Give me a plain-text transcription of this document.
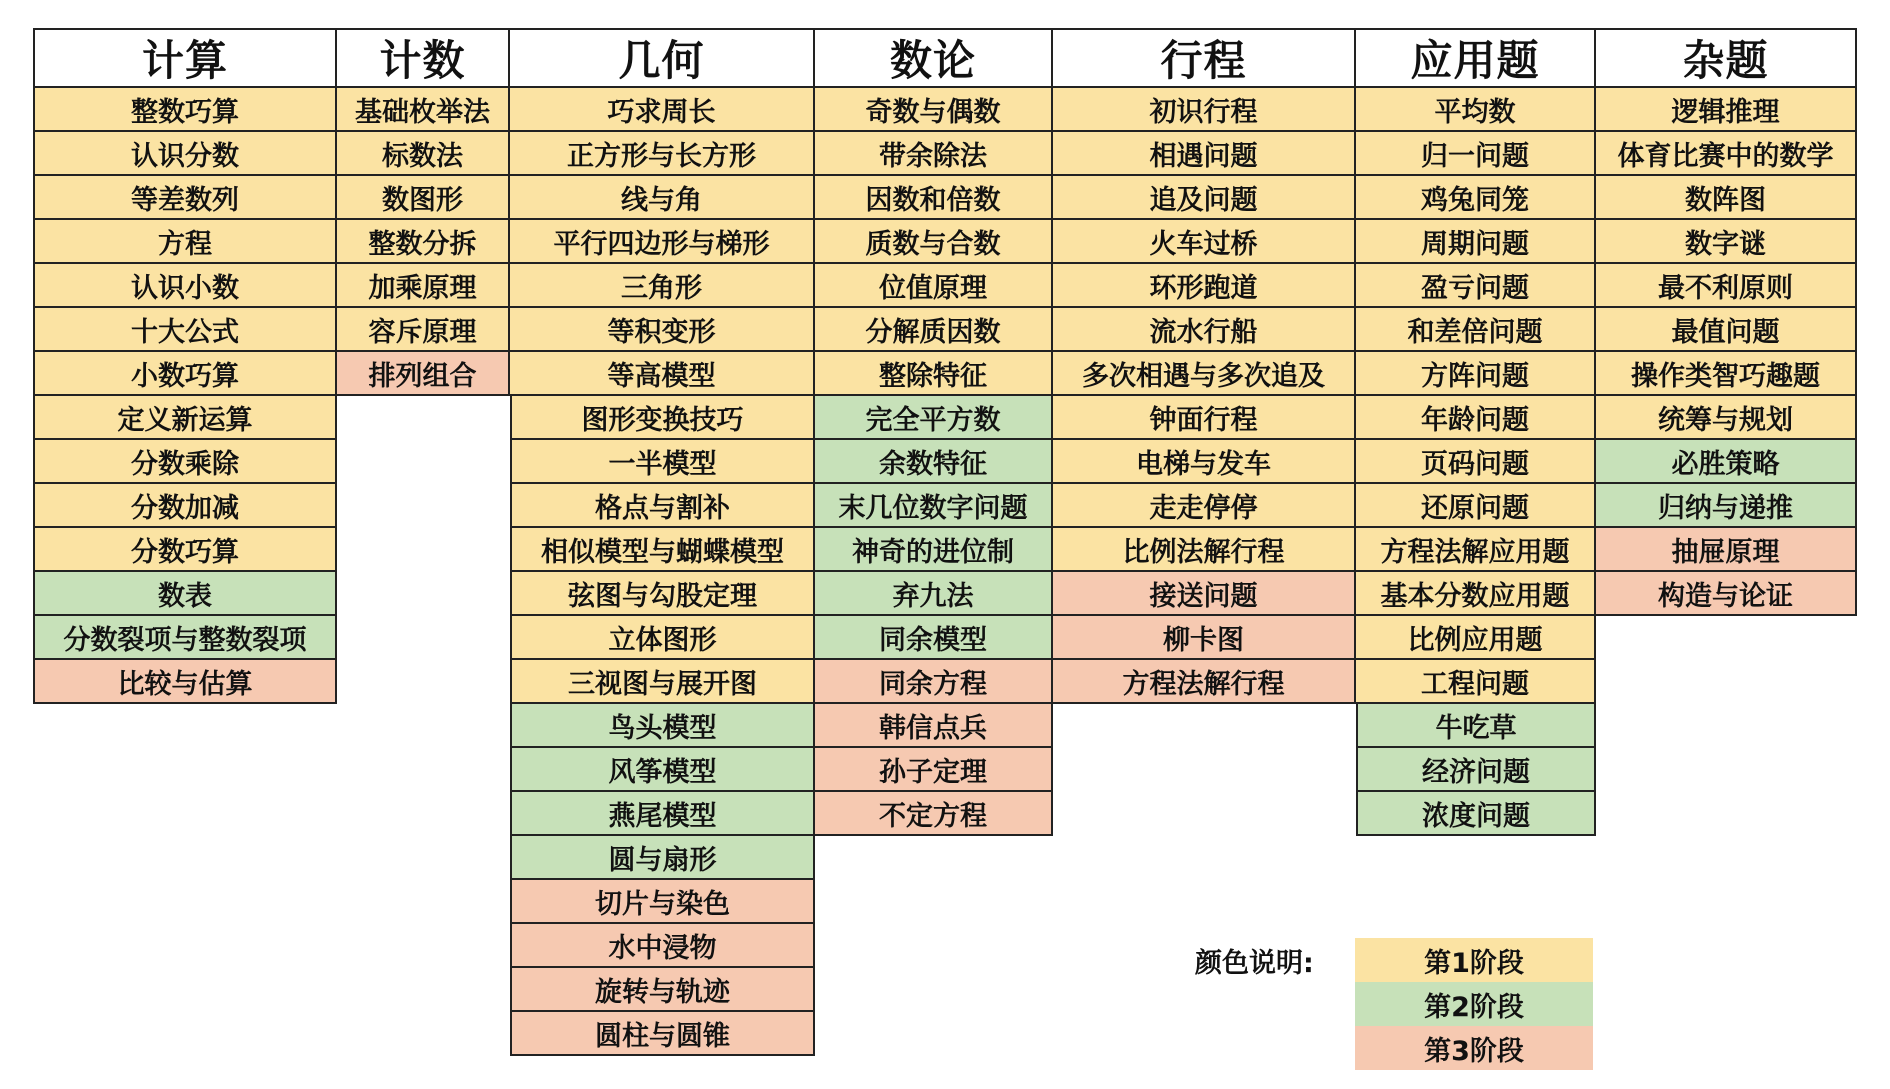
计算
整数巧算
认识分数
等差数列
方程
认识小数
十大公式
小数巧算
定义新运算
分数乘除
分数加减
分数巧算
数表
分数裂项与整数裂项
比较与估算
计数
基础枚举法
标数法
数图形
整数分拆
加乘原理
容斥原理
排列组合
几何
巧求周长
正方形与长方形
线与角
平行四边形与梯形
三角形
等积变形
等高模型
图形变换技巧
一半模型
格点与割补
相似模型与蝴蝶模型
弦图与勾股定理
立体图形
三视图与展开图
鸟头模型
风筝模型
燕尾模型
圆与扇形
切片与染色
水中浸物
旋转与轨迹
圆柱与圆锥
数论
奇数与偶数
带余除法
因数和倍数
质数与合数
位值原理
分解质因数
整除特征
完全平方数
余数特征
末几位数字问题
神奇的进位制
弃九法
同余模型
同余方程
韩信点兵
孙子定理
不定方程
行程
初识行程
相遇问题
追及问题
火车过桥
环形跑道
流水行船
多次相遇与多次追及
钟面行程
电梯与发车
走走停停
比例法解行程
接送问题
柳卡图
方程法解行程
应用题
平均数
归一问题
鸡兔同笼
周期问题
盈亏问题
和差倍问题
方阵问题
年龄问题
页码问题
还原问题
方程法解应用题
基本分数应用题
比例应用题
工程问题
牛吃草
经济问题
浓度问题
杂题
逻辑推理
体育比赛中的数学
数阵图
数字谜
最不利原则
最值问题
操作类智巧趣题
统筹与规划
必胜策略
归纳与递推
抽屉原理
构造与论证
颜色说明:	第1阶段
第2阶段
第3阶段
